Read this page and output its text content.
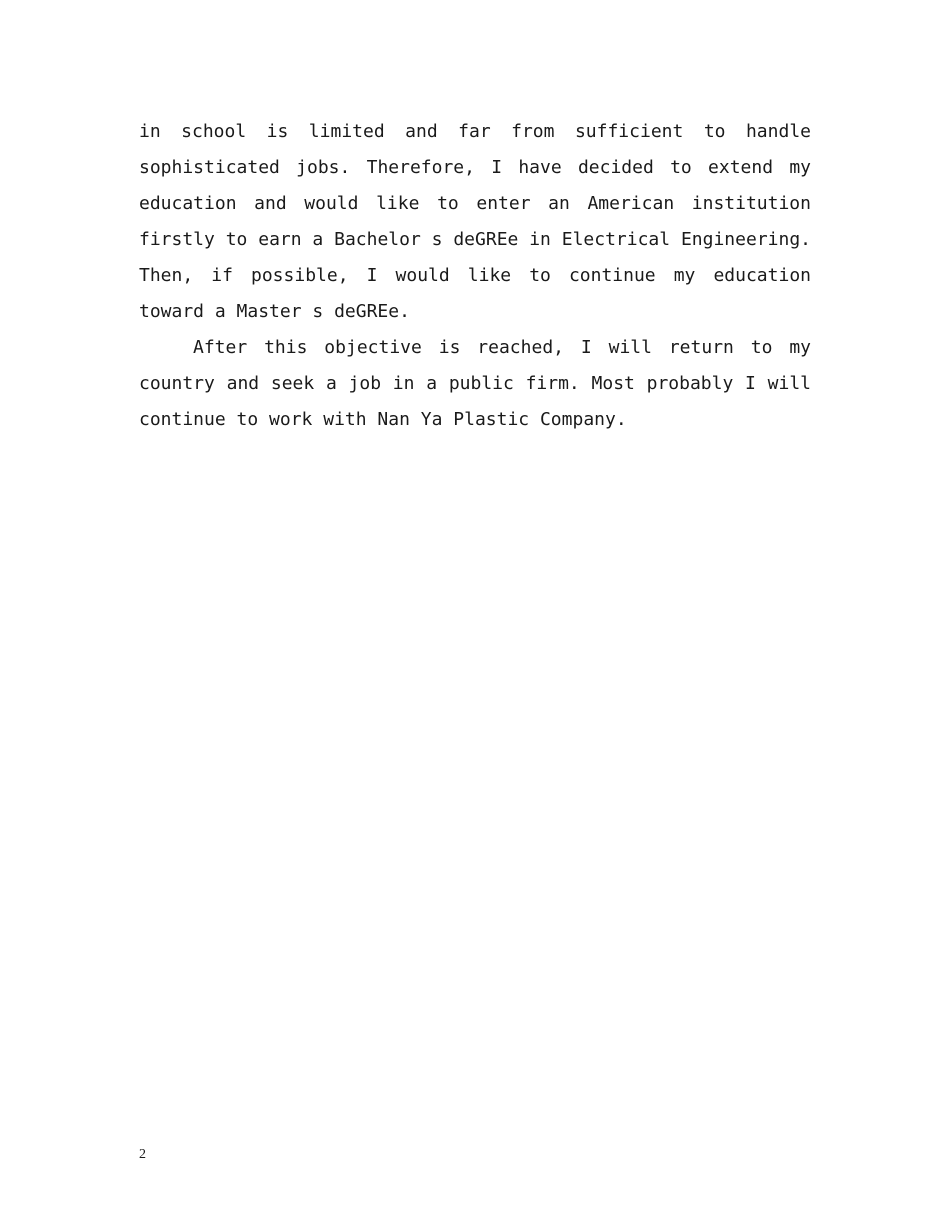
in school is limited and far from sufficient to handle
sophisticated jobs. Therefore, I have decided to extend my
education and would like to enter an American institution
firstly to earn a Bachelor s deGREe in Electrical Engineering.
Then, if possible, I would like to continue my education
toward a Master s deGREe.
After this objective is reached, I will return to my
country and seek a job in a public firm. Most probably I will
continue to work with Nan Ya Plastic Company.
2
